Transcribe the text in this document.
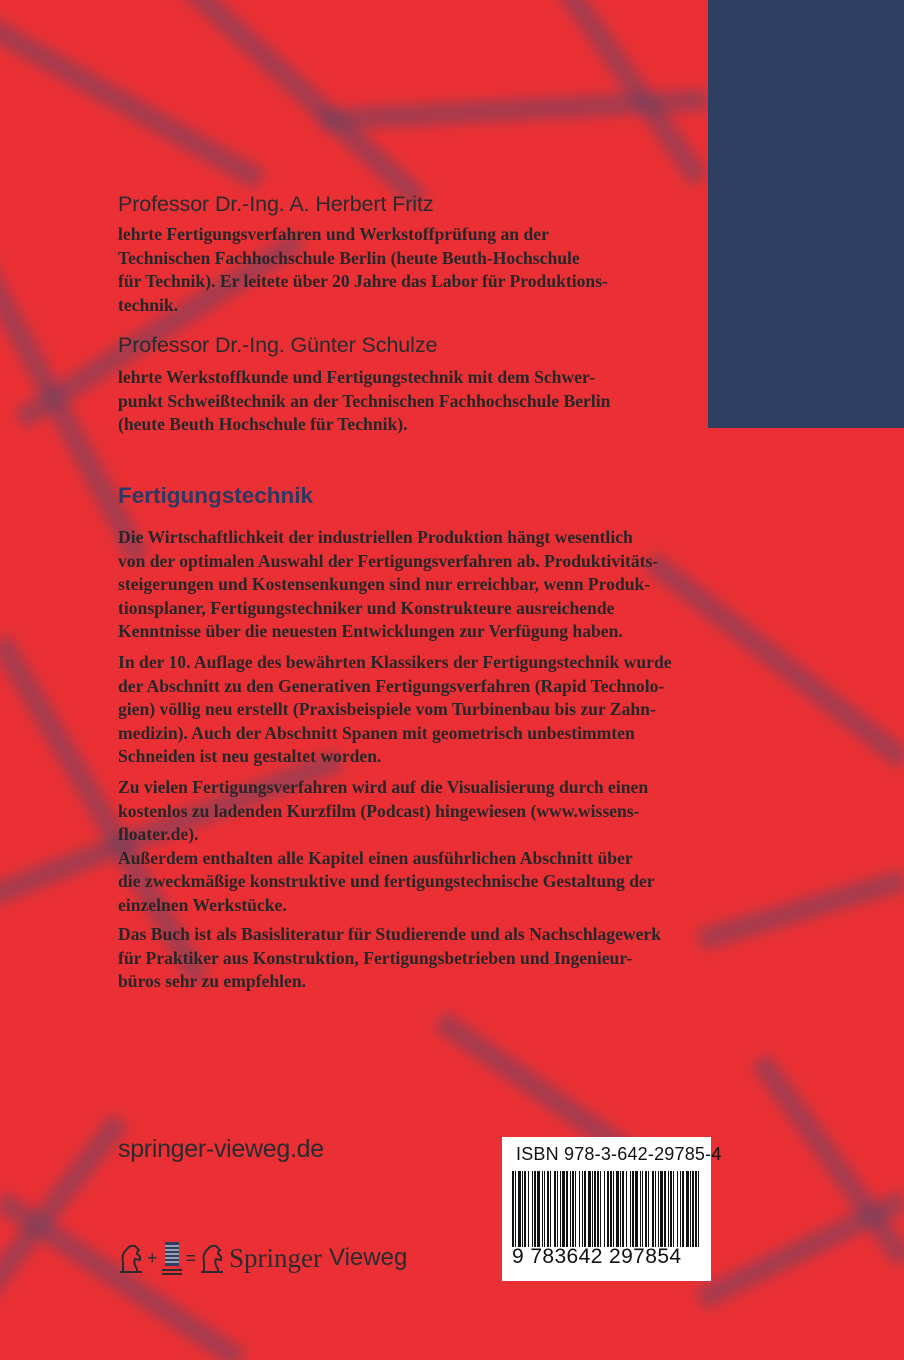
Professor Dr.-Ing. A. Herbert Fritz
lehrte Fertigungsverfahren und Werkstoffprüfung an der
Technischen Fachhochschule Berlin (heute Beuth-Hochschule
für Technik). Er leitete über 20 Jahre das Labor für Produktions-
technik.
Professor Dr.-Ing. Günter Schulze
lehrte Werkstoffkunde und Fertigungstechnik mit dem Schwer-
punkt Schweißtechnik an der Technischen Fachhochschule Berlin
(heute Beuth Hochschule für Technik).
Fertigungstechnik
Die Wirtschaftlichkeit der industriellen Produktion hängt wesentlich
von der optimalen Auswahl der Fertigungsverfahren ab. Produktivitäts-
steigerungen und Kostensenkungen sind nur erreichbar, wenn Produk-
tionsplaner, Fertigungstechniker und Konstrukteure ausreichende
Kenntnisse über die neuesten Entwicklungen zur Verfügung haben.
In der 10. Auflage des bewährten Klassikers der Fertigungstechnik wurde
der Abschnitt zu den Generativen Fertigungsverfahren (Rapid Technolo-
gien) völlig neu erstellt (Praxisbeispiele vom Turbinenbau bis zur Zahn-
medizin). Auch der Abschnitt Spanen mit geometrisch unbestimmten
Schneiden ist neu gestaltet worden.
Zu vielen Fertigungsverfahren wird auf die Visualisierung durch einen
kostenlos zu ladenden Kurzfilm (Podcast) hingewiesen (www.wissens-
floater.de).
Außerdem enthalten alle Kapitel einen ausführlichen Abschnitt über
die zweckmäßige konstruktive und fertigungstechnische Gestaltung der
einzelnen Werkstücke.
Das Buch ist als Basisliteratur für Studierende und als Nachschlagewerk
für Praktiker aus Konstruktion, Fertigungsbetrieben und Ingenieur-
büros sehr zu empfehlen.
springer-vieweg.de
+ = Springer Vieweg
ISBN 978-3-642-29785-4
9 783642 297854
